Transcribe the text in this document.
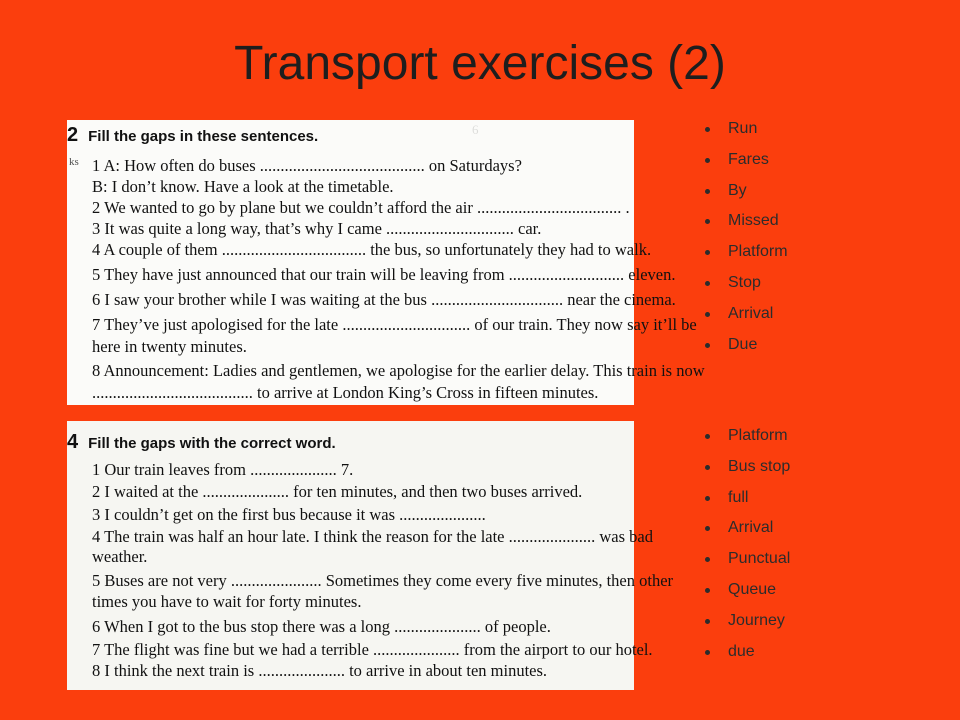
Transport exercises (2)
6
ks
2 Fill the gaps in these sentences.
1 A: How often do buses ........................................ on Saturdays?
B: I don’t know. Have a look at the timetable.
2 We wanted to go by plane but we couldn’t afford the air ................................... .
3 It was quite a long way, that’s why I came ............................... car.
4 A couple of them ................................... the bus, so unfortunately they had to walk.
5 They have just announced that our train will be leaving from ............................ eleven.
6 I saw your brother while I was waiting at the bus ................................ near the cinema.
7 They’ve just apologised for the late ............................... of our train. They now say it’ll be
here in twenty minutes.
8 Announcement: Ladies and gentlemen, we apologise for the earlier delay. This train is now
....................................... to arrive at London King’s Cross in fifteen minutes.
4 Fill the gaps with the correct word.
1 Our train leaves from ..................... 7.
2 I waited at the ..................... for ten minutes, and then two buses arrived.
3 I couldn’t get on the first bus because it was .....................
4 The train was half an hour late. I think the reason for the late ..................... was bad
weather.
5 Buses are not very ...................... Sometimes they come every five minutes, then other
times you have to wait for forty minutes.
6 When I got to the bus stop there was a long ..................... of people.
7 The flight was fine but we had a terrible ..................... from the airport to our hotel.
8 I think the next train is ..................... to arrive in about ten minutes.
Run
Fares
By
Missed
Platform
Stop
Arrival
Due
Platform
Bus stop
full
Arrival
Punctual
Queue
Journey
due
